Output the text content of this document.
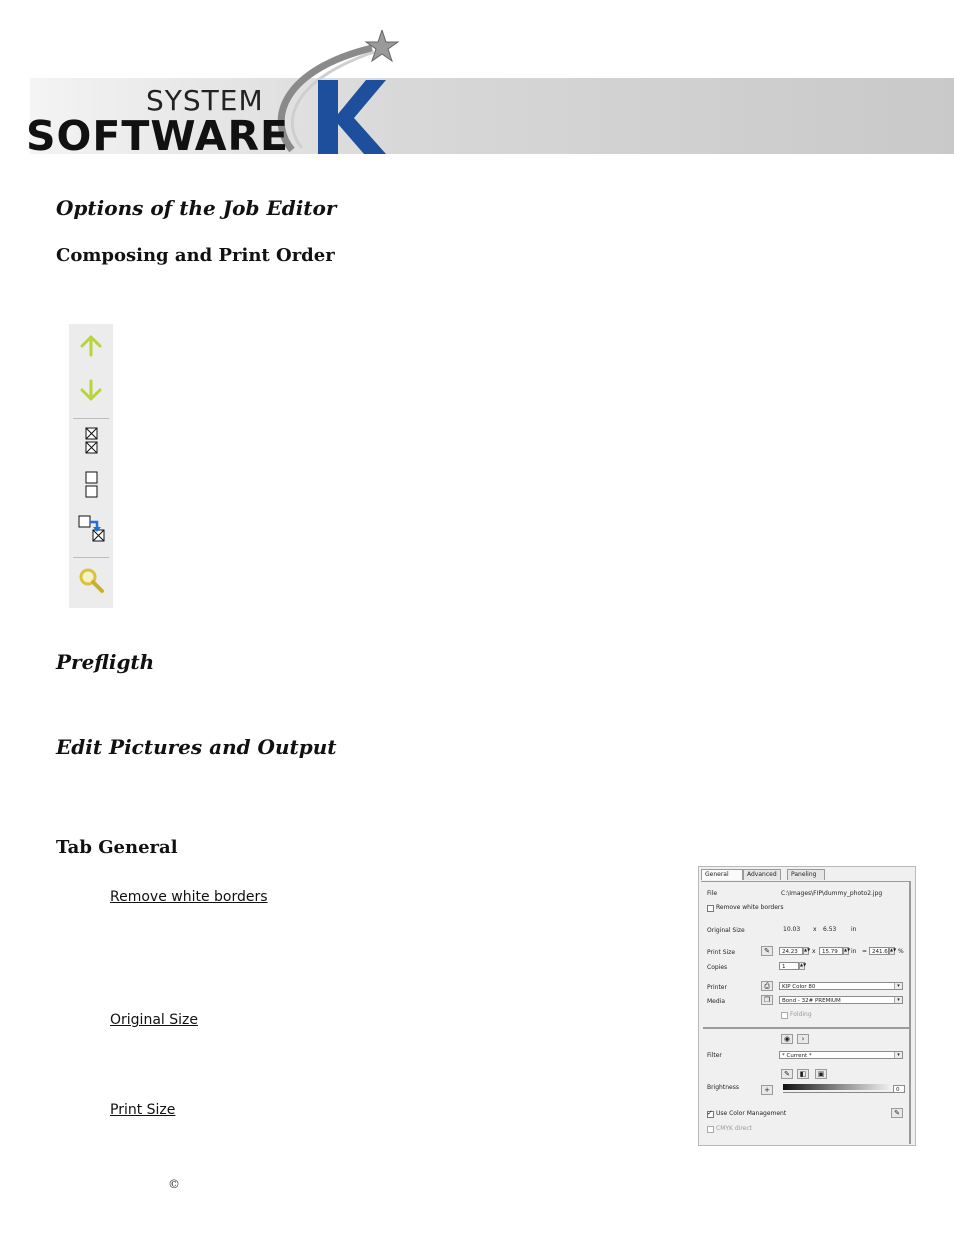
SYSTEM
SOFTWARE
Options of the Job Editor
Composing and Print Order
Prefligth
Edit Pictures and Output
Tab General
Remove white borders
Original Size
Print Size
©
General	Advanced	Paneling
File	C:\Images\FIP\dummy_photo2.jpg
Remove white borders
Original Size	10.03 x 6.53 in
Print Size	✎	24.23	▲▼ x	15.79	▲▼ in = 241.6 ▲▼ %
Copies	1	▲▼
Printer	⎙	KIP Color 80	▾
Media	❐	Bond - 32# PREMIUM	▾
Folding
◉	›
Filter	* Current *	▾
✎	◧	▣
Brightness	+	0
✓
Use Color Management	✎
CMYK direct
